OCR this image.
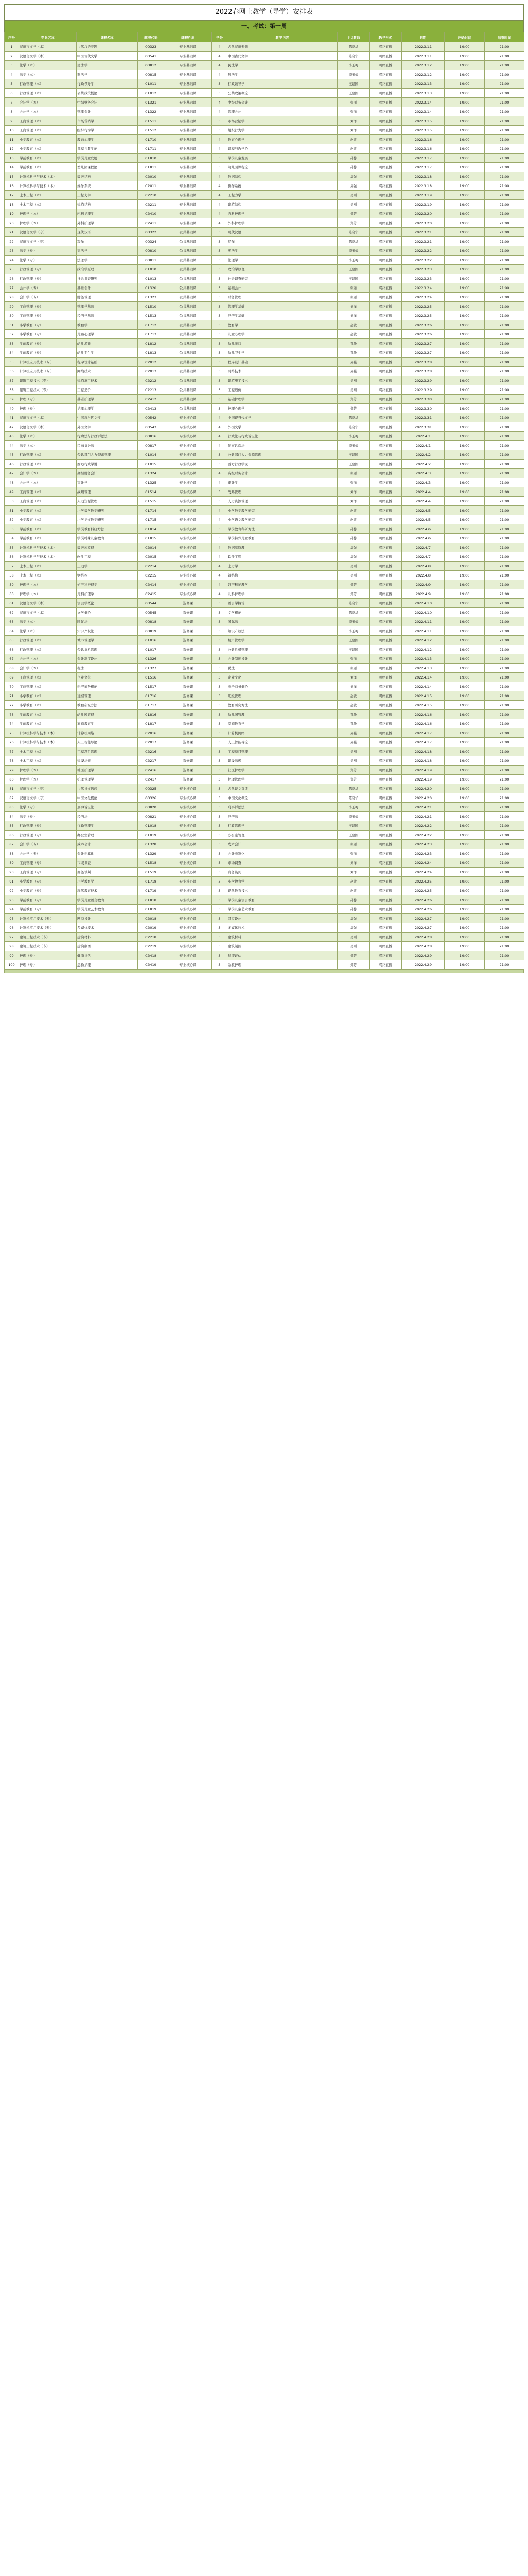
2022春网上教学（导学）安排表
一、考试：第一周
序号	专业名称	课程名称	课程代码	课程性质	学分	教学内容	主讲教师	教学形式	日期	开始时间	结束时间
1	汉语言文学（本）	古代汉语专题	00323	专业基础课	4	古代汉语专题	陈晓华	网络直播	2022.3.11	19:00	21:00
2	汉语言文学（本）	中国古代文学	00541	专业基础课	4	中国古代文学	陈晓华	网络直播	2022.3.11	19:00	21:00
3	法学（本）	民法学	00812	专业基础课	4	民法学	李玉梅	网络直播	2022.3.12	19:00	21:00
4	法学（本）	刑法学	00815	专业基础课	4	刑法学	李玉梅	网络直播	2022.3.12	19:00	21:00
5	行政管理（本）	行政领导学	01011	专业基础课	3	行政领导学	王建国	网络直播	2022.3.13	19:00	21:00
6	行政管理（本）	公共政策概论	01012	专业基础课	3	公共政策概论	王建国	网络直播	2022.3.13	19:00	21:00
7	会计学（本）	中级财务会计	01321	专业基础课	4	中级财务会计	张丽	网络直播	2022.3.14	19:00	21:00
8	会计学（本）	管理会计	01322	专业基础课	4	管理会计	张丽	网络直播	2022.3.14	19:00	21:00
9	工商管理（本）	市场营销学	01511	专业基础课	3	市场营销学	刘洋	网络直播	2022.3.15	19:00	21:00
10	工商管理（本）	组织行为学	01512	专业基础课	3	组织行为学	刘洋	网络直播	2022.3.15	19:00	21:00
11	小学教育（本）	教育心理学	01710	专业基础课	4	教育心理学	赵敏	网络直播	2022.3.16	19:00	21:00
12	小学教育（本）	课程与教学论	01711	专业基础课	4	课程与教学论	赵敏	网络直播	2022.3.16	19:00	21:00
13	学前教育（本）	学前儿童发展	01810	专业基础课	3	学前儿童发展	孙静	网络直播	2022.3.17	19:00	21:00
14	学前教育（本）	幼儿园课程论	01811	专业基础课	3	幼儿园课程论	孙静	网络直播	2022.3.17	19:00	21:00
15	计算机科学与技术（本）	数据结构	02010	专业基础课	4	数据结构	周强	网络直播	2022.3.18	19:00	21:00
16	计算机科学与技术（本）	操作系统	02011	专业基础课	4	操作系统	周强	网络直播	2022.3.18	19:00	21:00
17	土木工程（本）	工程力学	02210	专业基础课	4	工程力学	吴刚	网络直播	2022.3.19	19:00	21:00
18	土木工程（本）	建筑结构	02211	专业基础课	4	建筑结构	吴刚	网络直播	2022.3.19	19:00	21:00
19	护理学（本）	内科护理学	02410	专业基础课	4	内科护理学	郑芳	网络直播	2022.3.20	19:00	21:00
20	护理学（本）	外科护理学	02411	专业基础课	4	外科护理学	郑芳	网络直播	2022.3.20	19:00	21:00
21	汉语言文学（专）	现代汉语	00322	公共基础课	3	现代汉语	陈晓华	网络直播	2022.3.21	19:00	21:00
22	汉语言文学（专）	写作	00324	公共基础课	3	写作	陈晓华	网络直播	2022.3.21	19:00	21:00
23	法学（专）	宪法学	00810	公共基础课	3	宪法学	李玉梅	网络直播	2022.3.22	19:00	21:00
24	法学（专）	法理学	00811	公共基础课	3	法理学	李玉梅	网络直播	2022.3.22	19:00	21:00
25	行政管理（专）	政治学原理	01010	公共基础课	3	政治学原理	王建国	网络直播	2022.3.23	19:00	21:00
26	行政管理（专）	社会调查研究	01013	公共基础课	3	社会调查研究	王建国	网络直播	2022.3.23	19:00	21:00
27	会计学（专）	基础会计	01320	公共基础课	3	基础会计	张丽	网络直播	2022.3.24	19:00	21:00
28	会计学（专）	财务管理	01323	公共基础课	3	财务管理	张丽	网络直播	2022.3.24	19:00	21:00
29	工商管理（专）	管理学基础	01510	公共基础课	3	管理学基础	刘洋	网络直播	2022.3.25	19:00	21:00
30	工商管理（专）	经济学基础	01513	公共基础课	3	经济学基础	刘洋	网络直播	2022.3.25	19:00	21:00
31	小学教育（专）	教育学	01712	公共基础课	3	教育学	赵敏	网络直播	2022.3.26	19:00	21:00
32	小学教育（专）	儿童心理学	01713	公共基础课	3	儿童心理学	赵敏	网络直播	2022.3.26	19:00	21:00
33	学前教育（专）	幼儿游戏	01812	公共基础课	3	幼儿游戏	孙静	网络直播	2022.3.27	19:00	21:00
34	学前教育（专）	幼儿卫生学	01813	公共基础课	3	幼儿卫生学	孙静	网络直播	2022.3.27	19:00	21:00
35	计算机应用技术（专）	程序设计基础	02012	公共基础课	3	程序设计基础	周强	网络直播	2022.3.28	19:00	21:00
36	计算机应用技术（专）	网络技术	02013	公共基础课	3	网络技术	周强	网络直播	2022.3.28	19:00	21:00
37	建筑工程技术（专）	建筑施工技术	02212	公共基础课	3	建筑施工技术	吴刚	网络直播	2022.3.29	19:00	21:00
38	建筑工程技术（专）	工程造价	02213	公共基础课	3	工程造价	吴刚	网络直播	2022.3.29	19:00	21:00
39	护理（专）	基础护理学	02412	公共基础课	3	基础护理学	郑芳	网络直播	2022.3.30	19:00	21:00
40	护理（专）	护理心理学	02413	公共基础课	3	护理心理学	郑芳	网络直播	2022.3.30	19:00	21:00
41	汉语言文学（本）	中国现当代文学	00542	专业核心课	4	中国现当代文学	陈晓华	网络直播	2022.3.31	19:00	21:00
42	汉语言文学（本）	外国文学	00543	专业核心课	4	外国文学	陈晓华	网络直播	2022.3.31	19:00	21:00
43	法学（本）	行政法与行政诉讼法	00816	专业核心课	4	行政法与行政诉讼法	李玉梅	网络直播	2022.4.1	19:00	21:00
44	法学（本）	民事诉讼法	00817	专业核心课	4	民事诉讼法	李玉梅	网络直播	2022.4.1	19:00	21:00
45	行政管理（本）	公共部门人力资源管理	01014	专业核心课	3	公共部门人力资源管理	王建国	网络直播	2022.4.2	19:00	21:00
46	行政管理（本）	西方行政学说	01015	专业核心课	3	西方行政学说	王建国	网络直播	2022.4.2	19:00	21:00
47	会计学（本）	高级财务会计	01324	专业核心课	4	高级财务会计	张丽	网络直播	2022.4.3	19:00	21:00
48	会计学（本）	审计学	01325	专业核心课	4	审计学	张丽	网络直播	2022.4.3	19:00	21:00
49	工商管理（本）	战略管理	01514	专业核心课	3	战略管理	刘洋	网络直播	2022.4.4	19:00	21:00
50	工商管理（本）	人力资源管理	01515	专业核心课	3	人力资源管理	刘洋	网络直播	2022.4.4	19:00	21:00
51	小学教育（本）	小学数学教学研究	01714	专业核心课	4	小学数学教学研究	赵敏	网络直播	2022.4.5	19:00	21:00
52	小学教育（本）	小学语文教学研究	01715	专业核心课	4	小学语文教学研究	赵敏	网络直播	2022.4.5	19:00	21:00
53	学前教育（本）	学前教育科研方法	01814	专业核心课	3	学前教育科研方法	孙静	网络直播	2022.4.6	19:00	21:00
54	学前教育（本）	学前特殊儿童教育	01815	专业核心课	3	学前特殊儿童教育	孙静	网络直播	2022.4.6	19:00	21:00
55	计算机科学与技术（本）	数据库原理	02014	专业核心课	4	数据库原理	周强	网络直播	2022.4.7	19:00	21:00
56	计算机科学与技术（本）	软件工程	02015	专业核心课	4	软件工程	周强	网络直播	2022.4.7	19:00	21:00
57	土木工程（本）	土力学	02214	专业核心课	4	土力学	吴刚	网络直播	2022.4.8	19:00	21:00
58	土木工程（本）	钢结构	02215	专业核心课	4	钢结构	吴刚	网络直播	2022.4.8	19:00	21:00
59	护理学（本）	妇产科护理学	02414	专业核心课	4	妇产科护理学	郑芳	网络直播	2022.4.9	19:00	21:00
60	护理学（本）	儿科护理学	02415	专业核心课	4	儿科护理学	郑芳	网络直播	2022.4.9	19:00	21:00
61	汉语言文学（本）	语言学概论	00544	选修课	3	语言学概论	陈晓华	网络直播	2022.4.10	19:00	21:00
62	汉语言文学（本）	文学概论	00545	选修课	3	文学概论	陈晓华	网络直播	2022.4.10	19:00	21:00
63	法学（本）	国际法	00818	选修课	3	国际法	李玉梅	网络直播	2022.4.11	19:00	21:00
64	法学（本）	知识产权法	00819	选修课	3	知识产权法	李玉梅	网络直播	2022.4.11	19:00	21:00
65	行政管理（本）	城市管理学	01016	选修课	3	城市管理学	王建国	网络直播	2022.4.12	19:00	21:00
66	行政管理（本）	公共危机管理	01017	选修课	3	公共危机管理	王建国	网络直播	2022.4.12	19:00	21:00
67	会计学（本）	会计制度设计	01326	选修课	3	会计制度设计	张丽	网络直播	2022.4.13	19:00	21:00
68	会计学（本）	税法	01327	选修课	3	税法	张丽	网络直播	2022.4.13	19:00	21:00
69	工商管理（本）	企业文化	01516	选修课	3	企业文化	刘洋	网络直播	2022.4.14	19:00	21:00
70	工商管理（本）	电子商务概论	01517	选修课	3	电子商务概论	刘洋	网络直播	2022.4.14	19:00	21:00
71	小学教育（本）	班级管理	01716	选修课	3	班级管理	赵敏	网络直播	2022.4.15	19:00	21:00
72	小学教育（本）	教育研究方法	01717	选修课	3	教育研究方法	赵敏	网络直播	2022.4.15	19:00	21:00
73	学前教育（本）	幼儿园管理	01816	选修课	3	幼儿园管理	孙静	网络直播	2022.4.16	19:00	21:00
74	学前教育（本）	家庭教育学	01817	选修课	3	家庭教育学	孙静	网络直播	2022.4.16	19:00	21:00
75	计算机科学与技术（本）	计算机网络	02016	选修课	3	计算机网络	周强	网络直播	2022.4.17	19:00	21:00
76	计算机科学与技术（本）	人工智能导论	02017	选修课	3	人工智能导论	周强	网络直播	2022.4.17	19:00	21:00
77	土木工程（本）	工程项目管理	02216	选修课	3	工程项目管理	吴刚	网络直播	2022.4.18	19:00	21:00
78	土木工程（本）	建设法规	02217	选修课	3	建设法规	吴刚	网络直播	2022.4.18	19:00	21:00
79	护理学（本）	社区护理学	02416	选修课	3	社区护理学	郑芳	网络直播	2022.4.19	19:00	21:00
80	护理学（本）	护理管理学	02417	选修课	3	护理管理学	郑芳	网络直播	2022.4.19	19:00	21:00
81	汉语言文学（专）	古代诗文选读	00325	专业核心课	3	古代诗文选读	陈晓华	网络直播	2022.4.20	19:00	21:00
82	汉语言文学（专）	中国文化概论	00326	专业核心课	3	中国文化概论	陈晓华	网络直播	2022.4.20	19:00	21:00
83	法学（专）	刑事诉讼法	00820	专业核心课	3	刑事诉讼法	李玉梅	网络直播	2022.4.21	19:00	21:00
84	法学（专）	经济法	00821	专业核心课	3	经济法	李玉梅	网络直播	2022.4.21	19:00	21:00
85	行政管理（专）	行政管理学	01018	专业核心课	3	行政管理学	王建国	网络直播	2022.4.22	19:00	21:00
86	行政管理（专）	办公室管理	01019	专业核心课	3	办公室管理	王建国	网络直播	2022.4.22	19:00	21:00
87	会计学（专）	成本会计	01328	专业核心课	3	成本会计	张丽	网络直播	2022.4.23	19:00	21:00
88	会计学（专）	会计电算化	01329	专业核心课	3	会计电算化	张丽	网络直播	2022.4.23	19:00	21:00
89	工商管理（专）	市场调查	01518	专业核心课	3	市场调查	刘洋	网络直播	2022.4.24	19:00	21:00
90	工商管理（专）	商务谈判	01519	专业核心课	3	商务谈判	刘洋	网络直播	2022.4.24	19:00	21:00
91	小学教育（专）	小学教育学	01718	专业核心课	3	小学教育学	赵敏	网络直播	2022.4.25	19:00	21:00
92	小学教育（专）	现代教育技术	01719	专业核心课	3	现代教育技术	赵敏	网络直播	2022.4.25	19:00	21:00
93	学前教育（专）	学前儿童语言教育	01818	专业核心课	3	学前儿童语言教育	孙静	网络直播	2022.4.26	19:00	21:00
94	学前教育（专）	学前儿童艺术教育	01819	专业核心课	3	学前儿童艺术教育	孙静	网络直播	2022.4.26	19:00	21:00
95	计算机应用技术（专）	网页设计	02018	专业核心课	3	网页设计	周强	网络直播	2022.4.27	19:00	21:00
96	计算机应用技术（专）	多媒体技术	02019	专业核心课	3	多媒体技术	周强	网络直播	2022.4.27	19:00	21:00
97	建筑工程技术（专）	建筑材料	02218	专业核心课	3	建筑材料	吴刚	网络直播	2022.4.28	19:00	21:00
98	建筑工程技术（专）	建筑制图	02219	专业核心课	3	建筑制图	吴刚	网络直播	2022.4.28	19:00	21:00
99	护理（专）	健康评估	02418	专业核心课	3	健康评估	郑芳	网络直播	2022.4.29	19:00	21:00
100	护理（专）	急救护理	02419	专业核心课	3	急救护理	郑芳	网络直播	2022.4.29	19:00	21:00
